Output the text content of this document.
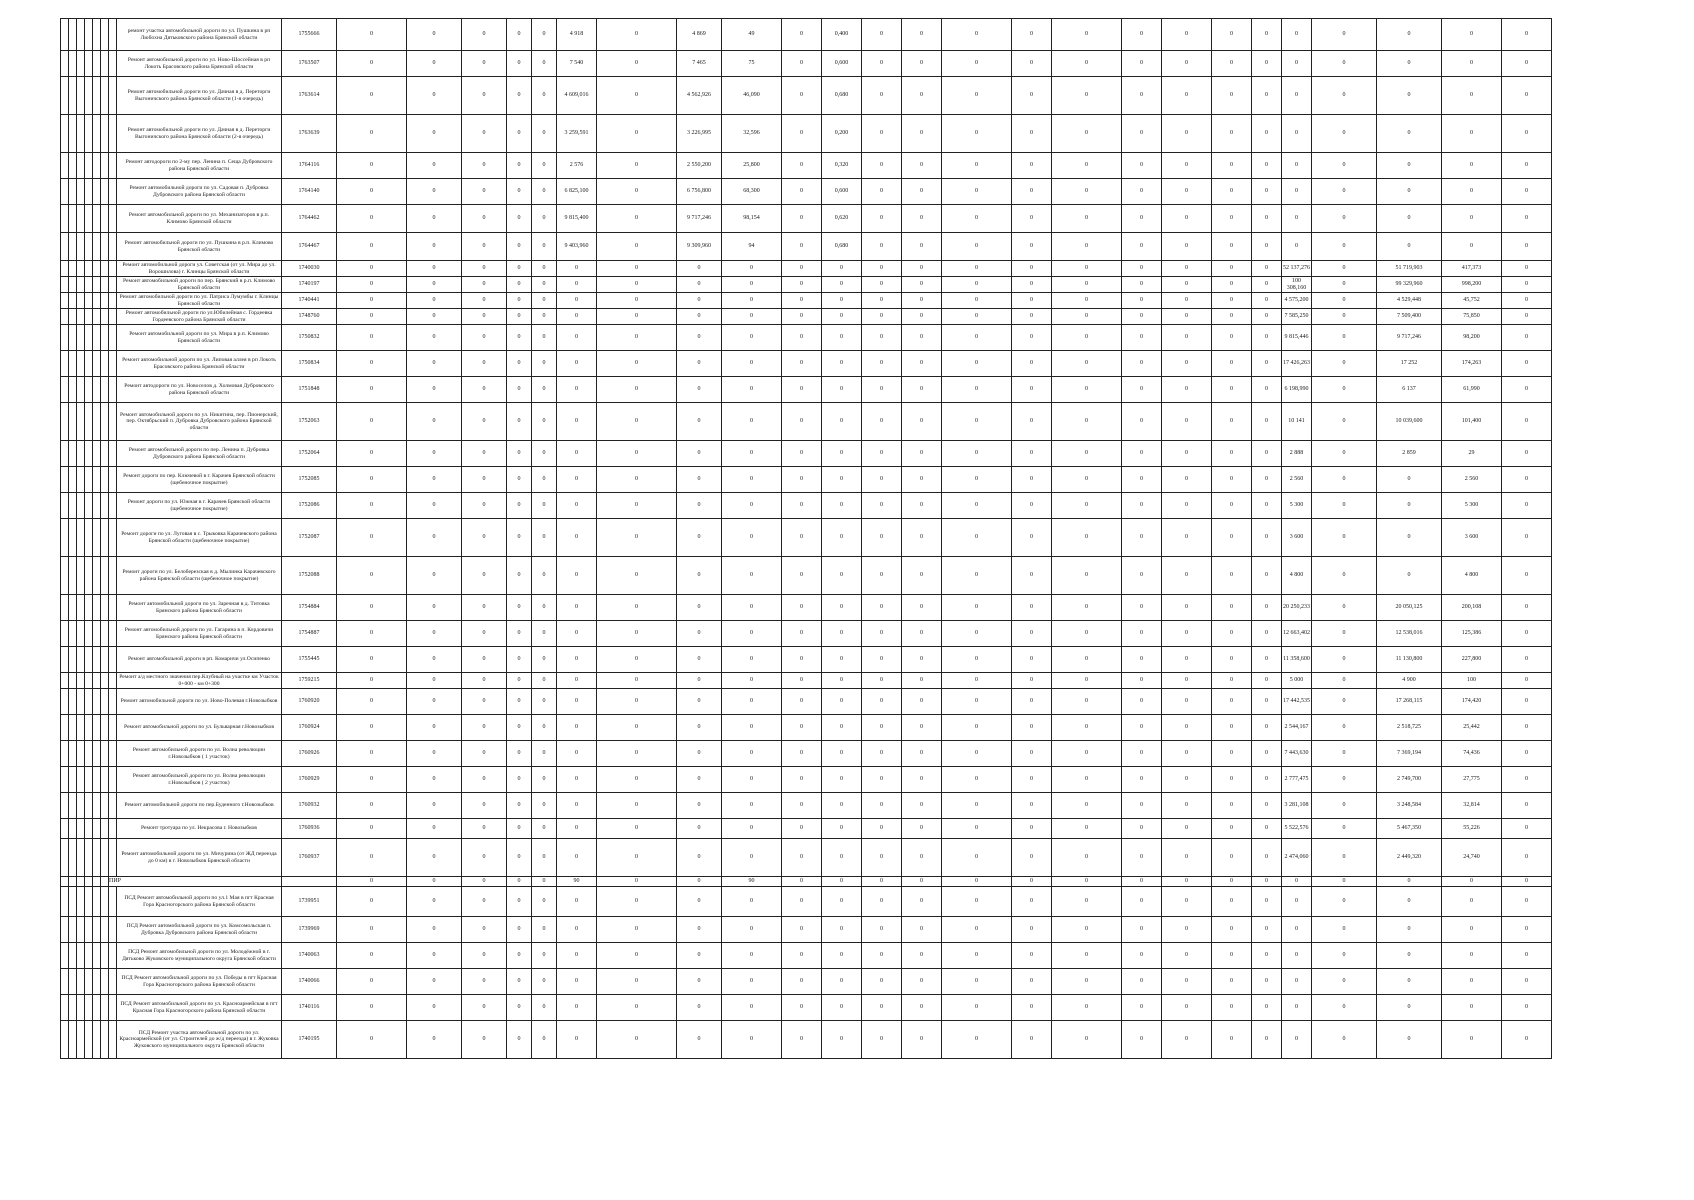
							ремонт участка автомобильной дороги по ул. Пушкина в рп Любохна Дятьковского района Брянской области	1755666	0	0	0	0	0	4 918	0	4 869	49	0	0,400	0	0	0	0	0	0	0	0	0	0	0	0	0	0
							Ремонт автомобильной дороги по ул. Ново-Шоссейная в рп Локоть Брасовского района Брянской области	1763507	0	0	0	0	0	7 540	0	7 465	75	0	0,600	0	0	0	0	0	0	0	0	0	0	0	0	0	0
							Ремонт автомобильной дороги по ул. Дачная в д. Переторги Выгоничского района Брянской области (1-я очередь)	1763614	0	0	0	0	0	4 609,016	0	4 562,926	46,090	0	0,680	0	0	0	0	0	0	0	0	0	0	0	0	0	0
							Ремонт автомобильной дороги по ул. Дачная в д. Переторги Выгоничского района Брянской области (2-я очередь)	1763639	0	0	0	0	0	3 259,591	0	3 226,995	32,596	0	0,200	0	0	0	0	0	0	0	0	0	0	0	0	0	0
							Ремонт автодороги по 2-му пер. Ленина п. Сеща Дубровского района Брянской области	1764116	0	0	0	0	0	2 576	0	2 550,200	25,800	0	0,320	0	0	0	0	0	0	0	0	0	0	0	0	0	0
							Ремонт автомобильной дороги по ул. Садовая п. Дубровка Дубровского района Брянской области	1764140	0	0	0	0	0	6 825,100	0	6 756,800	68,300	0	0,600	0	0	0	0	0	0	0	0	0	0	0	0	0	0
							Ремонт автомобильной дороги по ул. Механизаторов в р.п. Климово Брянской области	1764462	0	0	0	0	0	9 815,400	0	9 717,246	98,154	0	0,620	0	0	0	0	0	0	0	0	0	0	0	0	0	0
							Ремонт автомобильной дороги по ул. Пушкина в р.п. Климово Брянской области	1764467	0	0	0	0	0	9 403,960	0	9 309,960	94	0	0,680	0	0	0	0	0	0	0	0	0	0	0	0	0	0
							Ремонт автомобильной дороги ул. Советская (от ул. Мира до ул. Ворошилова) г. Клинцы Брянской области	1740030	0	0	0	0	0	0	0	0	0	0	0	0	0	0	0	0	0	0	0	0	52 137,276	0	51 719,903	417,373	0
							Ремонт автомобильной дороги по пер. Брянский в р.п. Климово Брянской области	1740197	0	0	0	0	0	0	0	0	0	0	0	0	0	0	0	0	0	0	0	0	100 308,160	0	99 329,960	998,200	0
							Ремонт автомобильной дороги по ул. Патриса Лумумбы г. Клинцы Брянской области	1740441	0	0	0	0	0	0	0	0	0	0	0	0	0	0	0	0	0	0	0	0	4 575,200	0	4 529,448	45,752	0
							Ремонт автомобильной дороги по ул.Юбилейная с. Гордеевка Гордеевского района Брянской области	1748760	0	0	0	0	0	0	0	0	0	0	0	0	0	0	0	0	0	0	0	0	7 585,250	0	7 509,400	75,850	0
							Ремонт автомобильной дороги по ул. Мира в р.п. Климово Брянской области	1750832	0	0	0	0	0	0	0	0	0	0	0	0	0	0	0	0	0	0	0	0	9 815,446	0	9 717,246	98,200	0
							Ремонт автомобильной дороги по ул. Липовая аллея в рп Локоть Брасовского района Брянской области	1750834	0	0	0	0	0	0	0	0	0	0	0	0	0	0	0	0	0	0	0	0	17 426,263	0	17 252	174,263	0
							Ремонт автодороги по ул. Новоселов д. Холмовая Дубровского района Брянской области	1751848	0	0	0	0	0	0	0	0	0	0	0	0	0	0	0	0	0	0	0	0	6 198,990	0	6 137	61,990	0
							Ремонт автомобильной дороги по ул. Никитина, пер. Пионерский, пер. Октябрьский п. Дубровка Дубровского района Брянской области	1752063	0	0	0	0	0	0	0	0	0	0	0	0	0	0	0	0	0	0	0	0	10 141	0	10 039,600	101,400	0
							Ремонт автомобильной дороги по пер. Ленина п. Дубровка Дубровского района Брянской области	1752064	0	0	0	0	0	0	0	0	0	0	0	0	0	0	0	0	0	0	0	0	2 888	0	2 859	29	0
							Ремонт дороги по пер. Ключевой в г. Карачев Брянской области (щебеночное покрытие)	1752085	0	0	0	0	0	0	0	0	0	0	0	0	0	0	0	0	0	0	0	0	2 560	0	0	2 560	0
							Ремонт дороги по ул. Южная в г. Карачев Брянской области (щебеночное покрытие)	1752086	0	0	0	0	0	0	0	0	0	0	0	0	0	0	0	0	0	0	0	0	5 300	0	0	5 300	0
							Ремонт дороги по ул. Луговая в с. Трыковка Карачевского района Брянской области (щебеночное покрытие)	1752087	0	0	0	0	0	0	0	0	0	0	0	0	0	0	0	0	0	0	0	0	3 600	0	0	3 600	0
							Ремонт дороги по ул. Белоберезская в д. Мылинка Карачевского района Брянской области (щебеночное покрытие)	1752088	0	0	0	0	0	0	0	0	0	0	0	0	0	0	0	0	0	0	0	0	4 800	0	0	4 800	0
							Ремонт автомобильной дороги по ул. Заречная в д. Титовка Брянского района Брянской области	1754884	0	0	0	0	0	0	0	0	0	0	0	0	0	0	0	0	0	0	0	0	20 250,233	0	20 050,125	200,108	0
							Ремонт автомобильной дороги по ул. Гагарина в п. Кордовичи Брянского района Брянской области	1754887	0	0	0	0	0	0	0	0	0	0	0	0	0	0	0	0	0	0	0	0	12 663,402	0	12 538,016	125,386	0
							Ремонт автомобильной дороги в рп. Комаричи ул.Осипенко	1755445	0	0	0	0	0	0	0	0	0	0	0	0	0	0	0	0	0	0	0	0	11 358,600	0	11 130,800	227,800	0
							Ремонт а/д местного значения пер.Клубный на участке км Участок 0+000 - км 0+300	1759215	0	0	0	0	0	0	0	0	0	0	0	0	0	0	0	0	0	0	0	0	5 000	0	4 900	100	0
							Ремонт автомобильной дороги по ул. Ново-Полевая г.Новозыбков	1760920	0	0	0	0	0	0	0	0	0	0	0	0	0	0	0	0	0	0	0	0	17 442,535	0	17 268,115	174,420	0
							Ремонт автомобильной дороги по ул. Бульварная г.Новозыбков	1760924	0	0	0	0	0	0	0	0	0	0	0	0	0	0	0	0	0	0	0	0	2 544,167	0	2 518,725	25,442	0
							Ремонт автомобильной дороги по ул. Волна революции г.Новозыбков ( 1 участок)	1760926	0	0	0	0	0	0	0	0	0	0	0	0	0	0	0	0	0	0	0	0	7 443,630	0	7 369,194	74,436	0
							Ремонт автомобильной дороги по ул. Волна революции г.Новозыбков ( 2 участок)	1760929	0	0	0	0	0	0	0	0	0	0	0	0	0	0	0	0	0	0	0	0	2 777,475	0	2 749,700	27,775	0
							Ремонт автомобильной дороги по пер.Буденного г.Новозыбков	1760932	0	0	0	0	0	0	0	0	0	0	0	0	0	0	0	0	0	0	0	0	3 281,108	0	3 248,584	32,814	0
							Ремонт тротуара по ул. Некрасова г. Новозыбков	1760936	0	0	0	0	0	0	0	0	0	0	0	0	0	0	0	0	0	0	0	0	5 522,576	0	5 467,350	55,226	0
							Ремонт автомобильной дороги по ул. Мичурина (от ЖД переезда до 0 км) в г. Новозыбков Брянской области	1760937	0	0	0	0	0	0	0	0	0	0	0	0	0	0	0	0	0	0	0	0	2 474,060	0	2 449,320	24,740	0
						ПИР			0	0	0	0	0	90	0	0	90	0	0	0	0	0	0	0	0	0	0	0	0	0	0	0	0
							ПСД Ремонт автомобильной дороги по ул.1 Мая в пгт Красная Гора Красногорского района Брянской области	1739951	0	0	0	0	0	0	0	0	0	0	0	0	0	0	0	0	0	0	0	0	0	0	0	0	0
							ПСД Ремонт автомобильной дороги по ул. Комсомольская п. Дубровка Дубровского района Брянской области	1739969	0	0	0	0	0	0	0	0	0	0	0	0	0	0	0	0	0	0	0	0	0	0	0	0	0
							ПСД Ремонт автомобильной дороги по ул. Молодёжной в г. Дятьково Жуковского муниципального округа Брянской области	1740063	0	0	0	0	0	0	0	0	0	0	0	0	0	0	0	0	0	0	0	0	0	0	0	0	0
							ПСД Ремонт автомобильной дороги по ул. Победы в пгт Красная Гора Красногорского района Брянской области	1740066	0	0	0	0	0	0	0	0	0	0	0	0	0	0	0	0	0	0	0	0	0	0	0	0	0
							ПСД Ремонт автомобильной дороги по ул. Красноармейская в пгт Красная Гора Красногорского района Брянской области	1740116	0	0	0	0	0	0	0	0	0	0	0	0	0	0	0	0	0	0	0	0	0	0	0	0	0
							ПСД Ремонт участка автомобильной дороги по ул. Красноармейской (от ул. Строителей до ж/д переезда) в г. Жуковка Жуковского муниципального округа Брянской области	1740195	0	0	0	0	0	0	0	0	0	0	0	0	0	0	0	0	0	0	0	0	0	0	0	0	0
